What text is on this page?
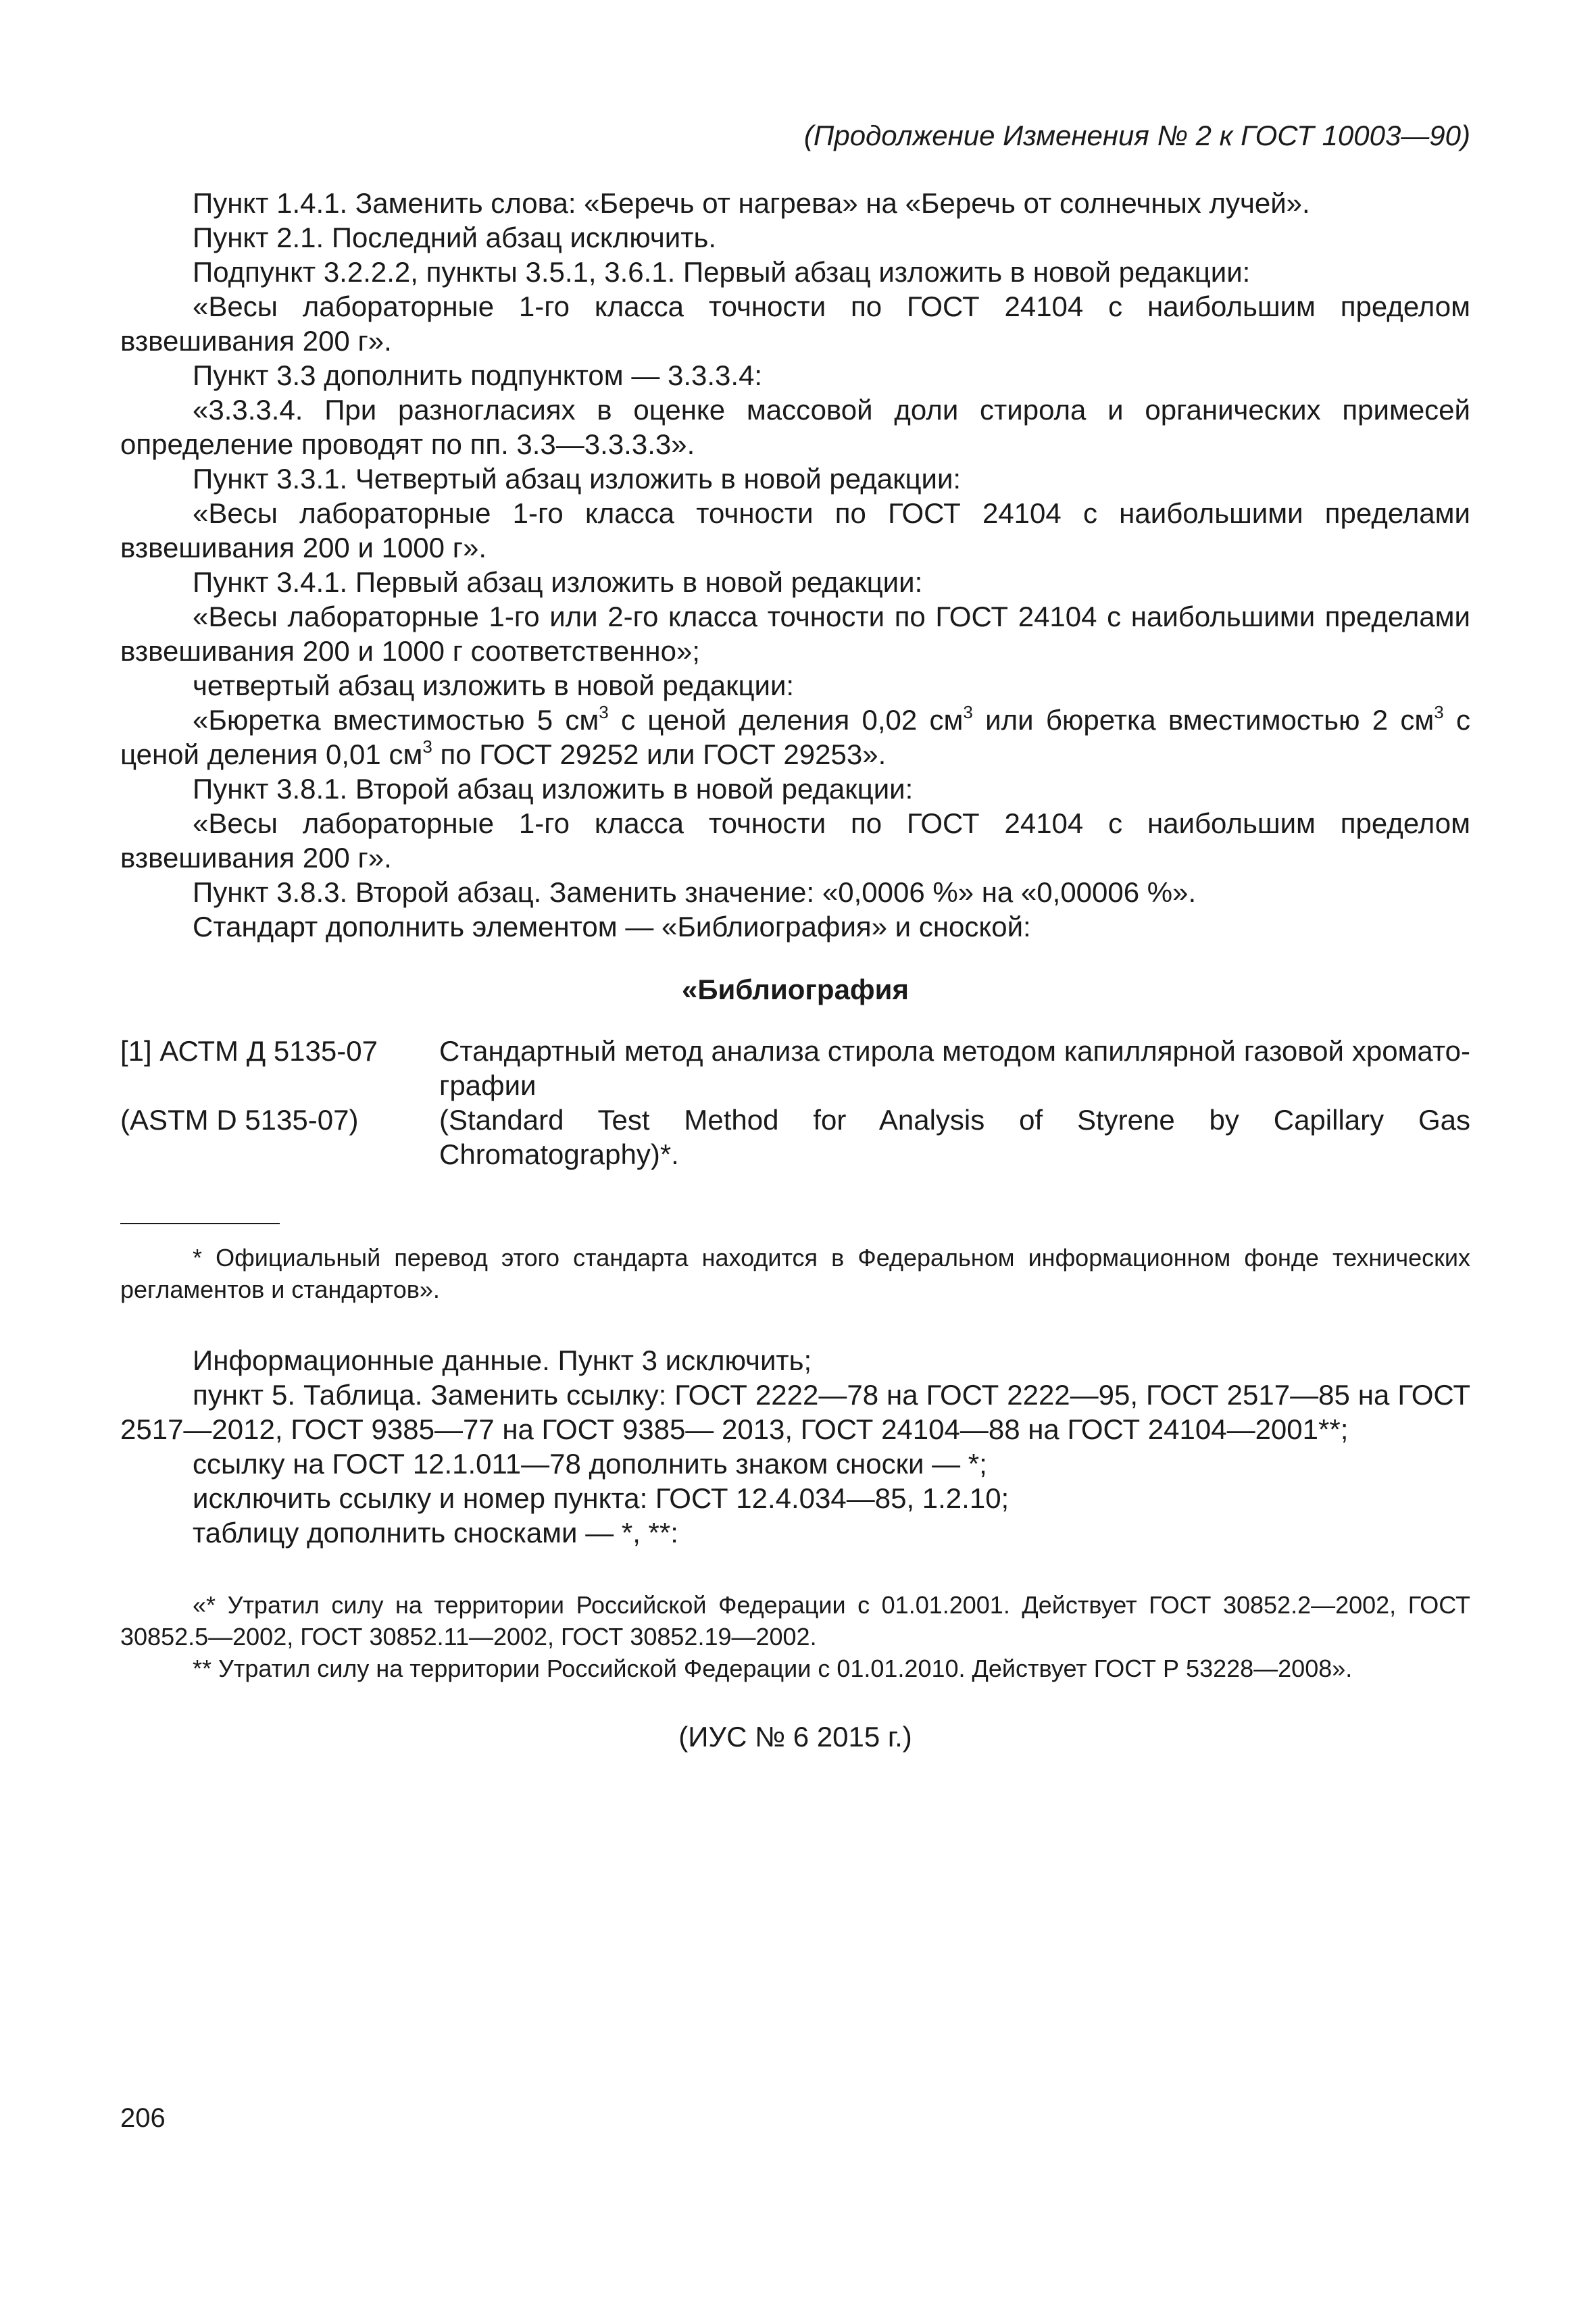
(Продолжение Изменения № 2 к ГОСТ 10003—90)

Пункт 1.4.1. Заменить слова: «Беречь от нагрева» на «Беречь от солнечных лучей».

Пункт 2.1. Последний абзац исключить.

Подпункт 3.2.2.2, пункты 3.5.1, 3.6.1. Первый абзац изложить в новой редакции:

«Весы лабораторные 1-го класса точности по ГОСТ 24104 с наибольшим пределом взвешивания 200 г».

Пункт 3.3 дополнить подпунктом — 3.3.3.4:

«3.3.3.4. При разногласиях в оценке массовой доли стирола и органических примесей определение проводят по пп. 3.3—3.3.3.3».

Пункт 3.3.1. Четвертый абзац изложить в новой редакции:

«Весы лабораторные 1-го класса точности по ГОСТ 24104 с наибольшими пределами взвешивания 200 и 1000 г».

Пункт 3.4.1. Первый абзац изложить в новой редакции:

«Весы лабораторные 1-го или 2-го класса точности по ГОСТ 24104 с наибольшими пределами взвешивания 200 и 1000 г соответственно»;

четвертый абзац изложить в новой редакции:

«Бюретка вместимостью 5 $см^3$ с ценой деления 0,02 $см^3$ или бюретка вместимостью 2 $см^3$ с ценой деления 0,01 $см^3$ по ГОСТ 29252 или ГОСТ 29253».

Пункт 3.8.1. Второй абзац изложить в новой редакции:

«Весы лабораторные 1-го класса точности по ГОСТ 24104 с наибольшим пределом взвешивания 200 г».

Пункт 3.8.3. Второй абзац. Заменить значение: «0,0006 %» на «0,00006 %».

Стандарт дополнить элементом — «Библиография» и сноской:

«Библиография
[1] АСТМ Д 5135-07	Стандартный метод анализа стирола методом капиллярной газовой хроматографии
(ASTM D 5135-07)	(Standard Test Method for Analysis of Styrene by Capillary Gas Chromatography)*.

* Официальный перевод этого стандарта находится в Федеральном информационном фонде технических регламентов и стандартов».

Информационные данные. Пункт 3 исключить;

пункт 5. Таблица. Заменить ссылку: ГОСТ 2222—78 на ГОСТ 2222—95, ГОСТ 2517—85 на ГОСТ 2517—2012, ГОСТ 9385—77 на ГОСТ 9385— 2013, ГОСТ 24104—88 на ГОСТ 24104—2001**;

ссылку на ГОСТ 12.1.011—78 дополнить знаком сноски — *;

исключить ссылку и номер пункта: ГОСТ 12.4.034—85, 1.2.10;

таблицу дополнить сносками — *, **:

«* Утратил силу на территории Российской Федерации с 01.01.2001. Действует ГОСТ 30852.2—2002, ГОСТ 30852.5—2002, ГОСТ 30852.11—2002, ГОСТ 30852.19—2002.

** Утратил силу на территории Российской Федерации с 01.01.2010. Действует ГОСТ Р 53228—2008».

(ИУС № 6 2015 г.)
206
